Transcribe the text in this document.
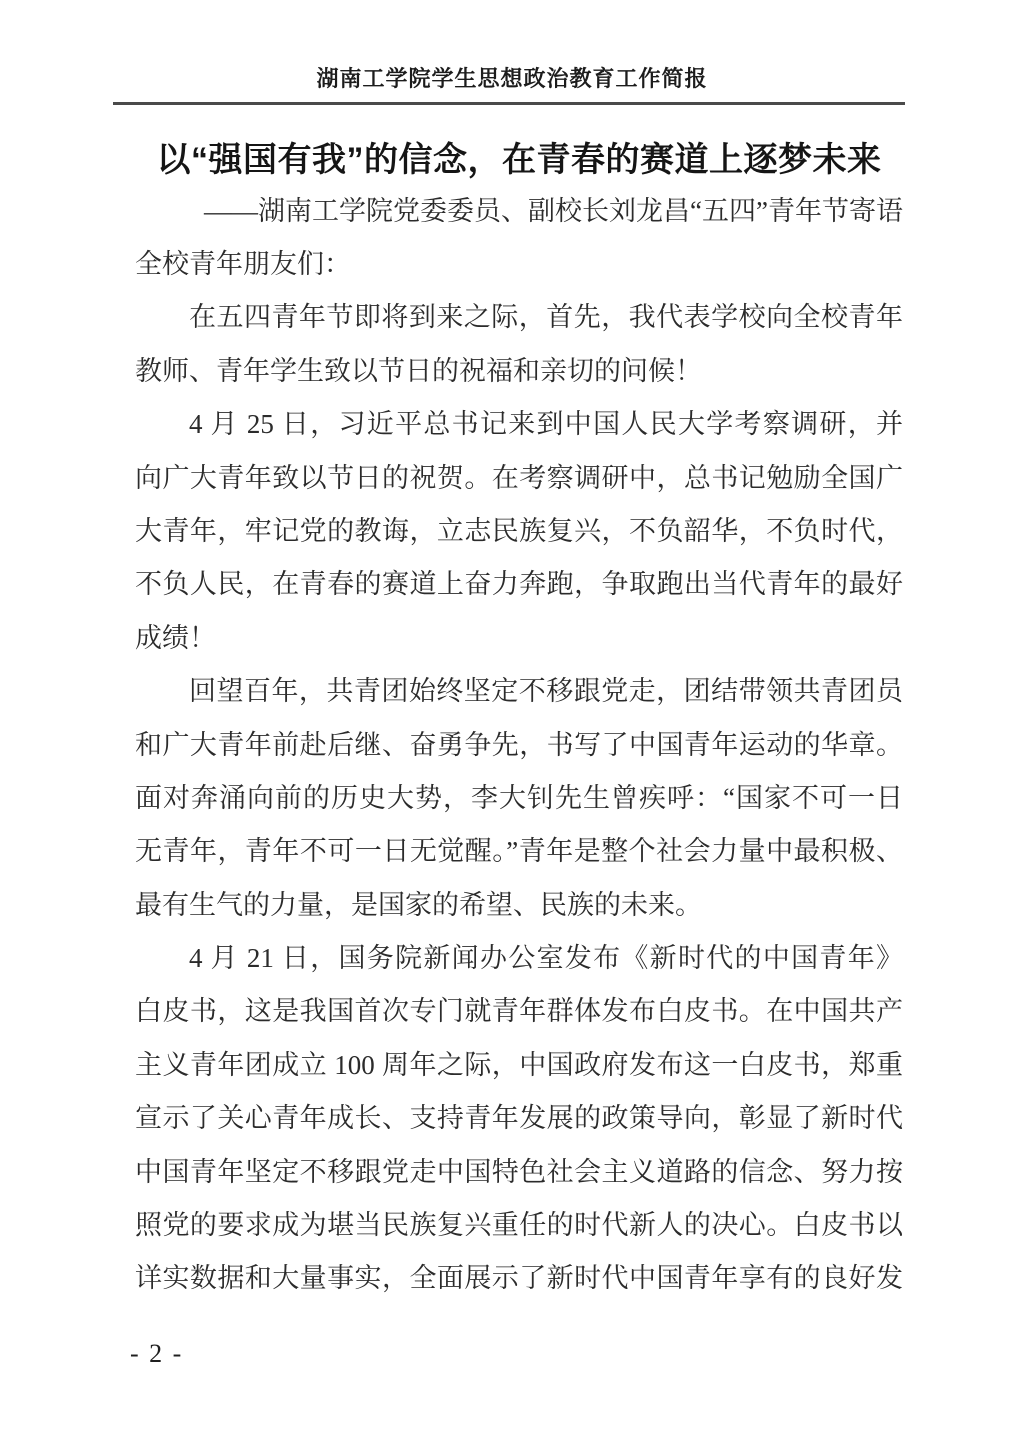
湖南工学院学生思想政治教育工作简报
以“强国有我”的信念，在青春的赛道上逐梦未来
——湖南工学院党委委员、副校长刘龙昌“五四”青年节寄语
全校青年朋友们：
在五四青年节即将到来之际，首先，我代表学校向全校青年
教师、青年学生致以节日的祝福和亲切的问候！
4 月 25 日，习近平总书记来到中国人民大学考察调研，并
向广大青年致以节日的祝贺。在考察调研中，总书记勉励全国广
大青年，牢记党的教诲，立志民族复兴，不负韶华，不负时代，
不负人民，在青春的赛道上奋力奔跑，争取跑出当代青年的最好
成绩！
回望百年，共青团始终坚定不移跟党走，团结带领共青团员
和广大青年前赴后继、奋勇争先，书写了中国青年运动的华章。
面对奔涌向前的历史大势，李大钊先生曾疾呼：“国家不可一日
无青年，青年不可一日无觉醒。”青年是整个社会力量中最积极、
最有生气的力量，是国家的希望、民族的未来。
4 月 21 日，国务院新闻办公室发布《新时代的中国青年》
白皮书，这是我国首次专门就青年群体发布白皮书。在中国共产
主义青年团成立 100 周年之际，中国政府发布这一白皮书，郑重
宣示了关心青年成长、支持青年发展的政策导向，彰显了新时代
中国青年坚定不移跟党走中国特色社会主义道路的信念、努力按
照党的要求成为堪当民族复兴重任的时代新人的决心。白皮书以
详实数据和大量事实，全面展示了新时代中国青年享有的良好发
- 2 -
